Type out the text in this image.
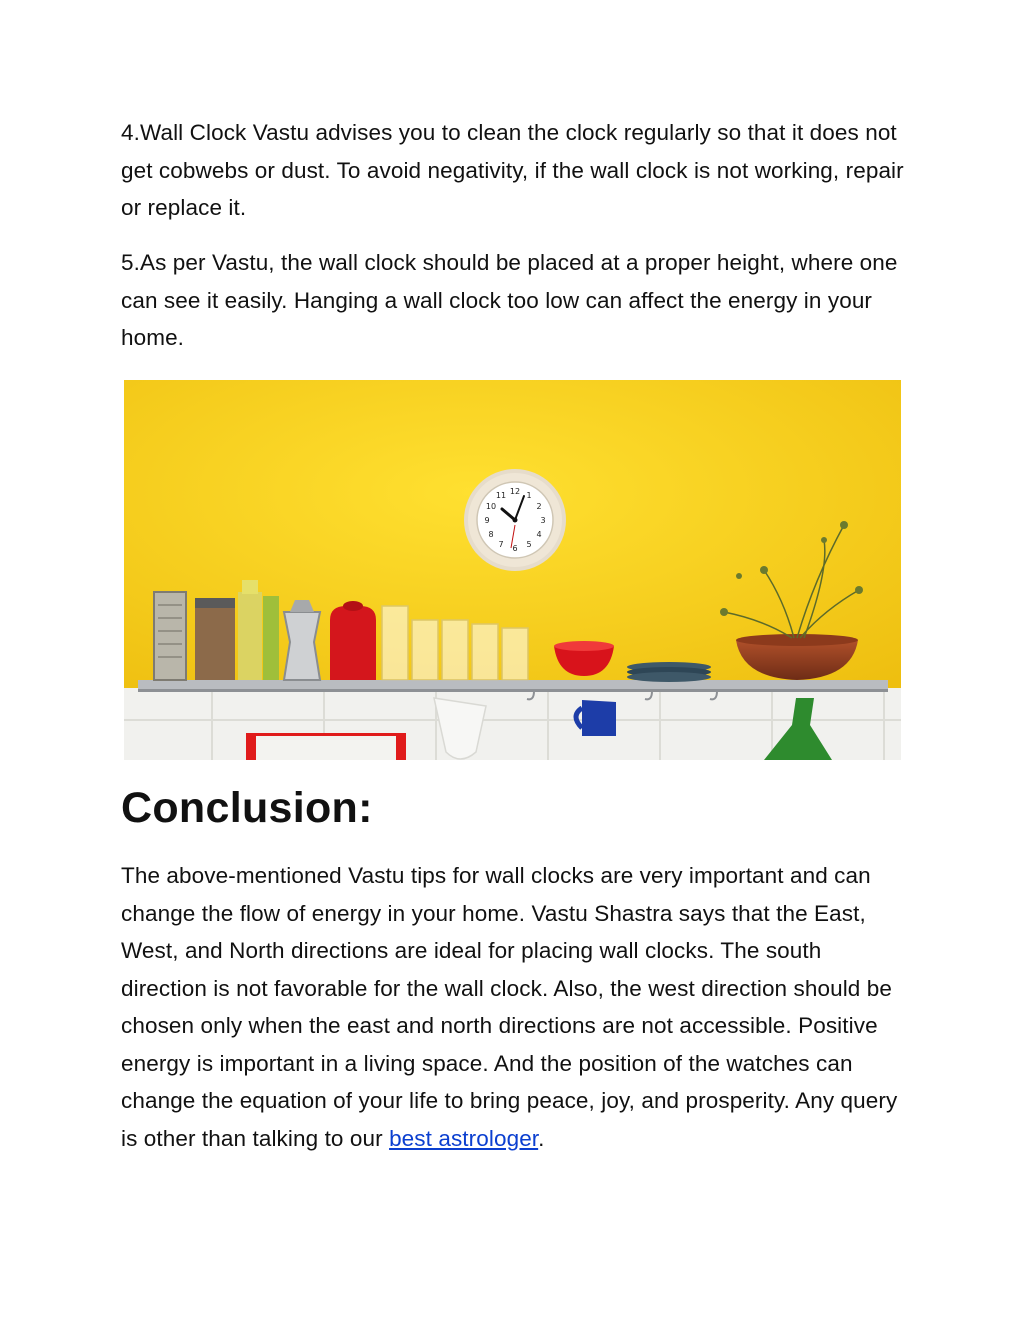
4.Wall Clock Vastu advises you to clean the clock regularly so that it does not get cobwebs or dust. To avoid negativity, if the wall clock is not working, repair or replace it.

5.As per Vastu, the wall clock should be placed at a proper height, where one can see it easily. Hanging a wall clock too low can affect the energy in your home.

12 1
2
3
4
5
6
7
8
9
10
11
Conclusion:

The above-mentioned Vastu tips for wall clocks are very important and can change the flow of energy in your home. Vastu Shastra says that the East, West, and North directions are ideal for placing wall clocks. The south direction is not favorable for the wall clock. Also, the west direction should be chosen only when the east and north directions are not accessible. Positive energy is important in a living space. And the position of the watches can change the equation of your life to bring peace, joy, and prosperity. Any query is other than talking to our best astrologer.
